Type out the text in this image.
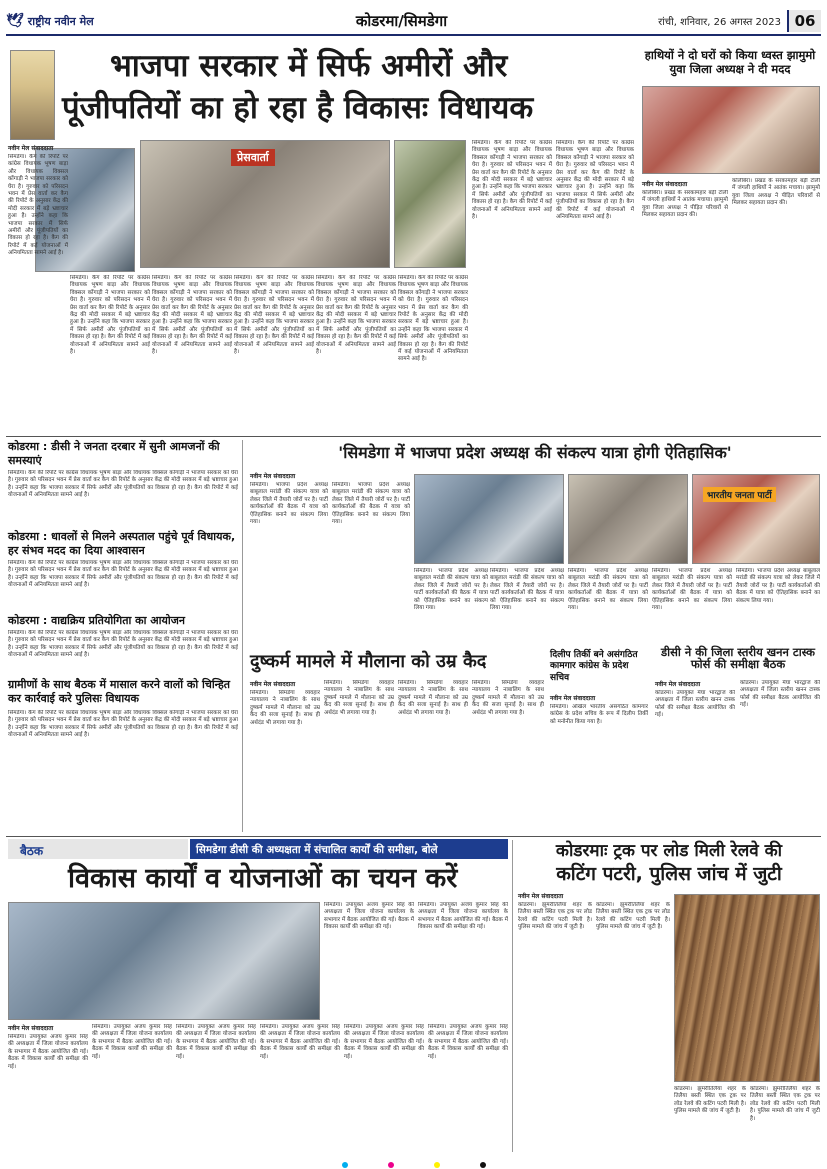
🕊 राष्ट्रीय नवीन मेल	कोडरमा/सिमडेगा	रांची, शनिवार, 26 अगस्त 2023 06
भाजपा सरकार में सिर्फ अमीरों और
पूंजीपतियों का हो रहा है विकासः विधायक
हाथियों ने दो घरों को किया ध्वस्त झामुमो युवा जिला अध्यक्ष ने दी मदद
प्रेसवार्ता
नवीन मेल संवाददाता
सिमडेगा। कैग की रिपोर्ट पर कांग्रेस विधायक भूषण बाड़ा और विधायक विक्सल कोंगाड़ी ने भाजपा सरकार को घेरा है। गुरुवार को परिसदन भवन में प्रेस वार्ता कर कैग की रिपोर्ट के अनुसार केंद्र की मोदी सरकार में बड़े भ्रष्टाचार हुआ है। उन्होंने कहा कि भाजपा सरकार में सिर्फ अमीरों और पूंजीपतियों का विकास हो रहा है। कैग की रिपोर्ट में कई योजनाओं में अनियमितता सामने आई है।
सिमडेगा। कैग की रिपोर्ट पर कांग्रेस विधायक भूषण बाड़ा और विधायक विक्सल कोंगाड़ी ने भाजपा सरकार को घेरा है। गुरुवार को परिसदन भवन में प्रेस वार्ता कर कैग की रिपोर्ट के अनुसार केंद्र की मोदी सरकार में बड़े भ्रष्टाचार हुआ है। उन्होंने कहा कि भाजपा सरकार में सिर्फ अमीरों और पूंजीपतियों का विकास हो रहा है। कैग की रिपोर्ट में कई योजनाओं में अनियमितता सामने आई है।
सिमडेगा। कैग की रिपोर्ट पर कांग्रेस विधायक भूषण बाड़ा और विधायक विक्सल कोंगाड़ी ने भाजपा सरकार को घेरा है। गुरुवार को परिसदन भवन में प्रेस वार्ता कर कैग की रिपोर्ट के अनुसार केंद्र की मोदी सरकार में बड़े भ्रष्टाचार हुआ है। उन्होंने कहा कि भाजपा सरकार में सिर्फ अमीरों और पूंजीपतियों का विकास हो रहा है। कैग की रिपोर्ट में कई योजनाओं में अनियमितता सामने आई है।
सिमडेगा। कैग की रिपोर्ट पर कांग्रेस विधायक भूषण बाड़ा और विधायक विक्सल कोंगाड़ी ने भाजपा सरकार को घेरा है। गुरुवार को परिसदन भवन में प्रेस वार्ता कर कैग की रिपोर्ट के अनुसार केंद्र की मोदी सरकार में बड़े भ्रष्टाचार हुआ है। उन्होंने कहा कि भाजपा सरकार में सिर्फ अमीरों और पूंजीपतियों का विकास हो रहा है। कैग की रिपोर्ट में कई योजनाओं में अनियमितता सामने आई है।
सिमडेगा। कैग की रिपोर्ट पर कांग्रेस विधायक भूषण बाड़ा और विधायक विक्सल कोंगाड़ी ने भाजपा सरकार को घेरा है। गुरुवार को परिसदन भवन में प्रेस वार्ता कर कैग की रिपोर्ट के अनुसार केंद्र की मोदी सरकार में बड़े भ्रष्टाचार हुआ है। उन्होंने कहा कि भाजपा सरकार में सिर्फ अमीरों और पूंजीपतियों का विकास हो रहा है। कैग की रिपोर्ट में कई योजनाओं में अनियमितता सामने आई है।
सिमडेगा। कैग की रिपोर्ट पर कांग्रेस विधायक भूषण बाड़ा और विधायक विक्सल कोंगाड़ी ने भाजपा सरकार को घेरा है। गुरुवार को परिसदन भवन में प्रेस वार्ता कर कैग की रिपोर्ट के अनुसार केंद्र की मोदी सरकार में बड़े भ्रष्टाचार हुआ है। उन्होंने कहा कि भाजपा सरकार में सिर्फ अमीरों और पूंजीपतियों का विकास हो रहा है। कैग की रिपोर्ट में कई योजनाओं में अनियमितता सामने आई है।
सिमडेगा। कैग की रिपोर्ट पर कांग्रेस विधायक भूषण बाड़ा और विधायक विक्सल कोंगाड़ी ने भाजपा सरकार को घेरा है। गुरुवार को परिसदन भवन में प्रेस वार्ता कर कैग की रिपोर्ट के अनुसार केंद्र की मोदी सरकार में बड़े भ्रष्टाचार हुआ है। उन्होंने कहा कि भाजपा सरकार में सिर्फ अमीरों और पूंजीपतियों का विकास हो रहा है। कैग की रिपोर्ट में कई योजनाओं में अनियमितता सामने आई है।
सिमडेगा। कैग की रिपोर्ट पर कांग्रेस विधायक भूषण बाड़ा और विधायक विक्सल कोंगाड़ी ने भाजपा सरकार को घेरा है। गुरुवार को परिसदन भवन में प्रेस वार्ता कर कैग की रिपोर्ट के अनुसार केंद्र की मोदी सरकार में बड़े भ्रष्टाचार हुआ है। उन्होंने कहा कि भाजपा सरकार में सिर्फ अमीरों और पूंजीपतियों का विकास हो रहा है। कैग की रिपोर्ट में कई योजनाओं में अनियमितता सामने आई है।
नवीन मेल संवाददाता
कोलेबिरा। प्रखंड के सरकामहार बड़ी टोली में जंगली हाथियों ने आतंक मचाया। झामुमो युवा जिला अध्यक्ष ने पीड़ित परिवारों से मिलकर सहायता प्रदान की।
कोलेबिरा। प्रखंड के सरकामहार बड़ी टोली में जंगली हाथियों ने आतंक मचाया। झामुमो युवा जिला अध्यक्ष ने पीड़ित परिवारों से मिलकर सहायता प्रदान की।
कोडरमा : डीसी ने जनता दरबार में सुनी आमजनों की समस्याएं
सिमडेगा। कैग की रिपोर्ट पर कांग्रेस विधायक भूषण बाड़ा और विधायक विक्सल कोंगाड़ी ने भाजपा सरकार को घेरा है। गुरुवार को परिसदन भवन में प्रेस वार्ता कर कैग की रिपोर्ट के अनुसार केंद्र की मोदी सरकार में बड़े भ्रष्टाचार हुआ है। उन्होंने कहा कि भाजपा सरकार में सिर्फ अमीरों और पूंजीपतियों का विकास हो रहा है। कैग की रिपोर्ट में कई योजनाओं में अनियमितता सामने आई है।
कोडरमा : धावलों से मिलने अस्पताल पहुंचे पूर्व विधायक, हर संभव मदद का दिया आश्वासन
सिमडेगा। कैग की रिपोर्ट पर कांग्रेस विधायक भूषण बाड़ा और विधायक विक्सल कोंगाड़ी ने भाजपा सरकार को घेरा है। गुरुवार को परिसदन भवन में प्रेस वार्ता कर कैग की रिपोर्ट के अनुसार केंद्र की मोदी सरकार में बड़े भ्रष्टाचार हुआ है। उन्होंने कहा कि भाजपा सरकार में सिर्फ अमीरों और पूंजीपतियों का विकास हो रहा है। कैग की रिपोर्ट में कई योजनाओं में अनियमितता सामने आई है।
कोडरमा : वाद्यक्रिय प्रतियोगिता का आयोजन
सिमडेगा। कैग की रिपोर्ट पर कांग्रेस विधायक भूषण बाड़ा और विधायक विक्सल कोंगाड़ी ने भाजपा सरकार को घेरा है। गुरुवार को परिसदन भवन में प्रेस वार्ता कर कैग की रिपोर्ट के अनुसार केंद्र की मोदी सरकार में बड़े भ्रष्टाचार हुआ है। उन्होंने कहा कि भाजपा सरकार में सिर्फ अमीरों और पूंजीपतियों का विकास हो रहा है। कैग की रिपोर्ट में कई योजनाओं में अनियमितता सामने आई है।
ग्रामीणों के साथ बैठक में मासाल करने वालों को चिन्हित कर कार्रवाई करे पुलिसः विधायक
सिमडेगा। कैग की रिपोर्ट पर कांग्रेस विधायक भूषण बाड़ा और विधायक विक्सल कोंगाड़ी ने भाजपा सरकार को घेरा है। गुरुवार को परिसदन भवन में प्रेस वार्ता कर कैग की रिपोर्ट के अनुसार केंद्र की मोदी सरकार में बड़े भ्रष्टाचार हुआ है। उन्होंने कहा कि भाजपा सरकार में सिर्फ अमीरों और पूंजीपतियों का विकास हो रहा है। कैग की रिपोर्ट में कई योजनाओं में अनियमितता सामने आई है।
'सिमडेगा में भाजपा प्रदेश अध्यक्ष की संकल्प यात्रा होगी ऐतिहासिक'
नवीन मेल संवाददाता
सिमडेगा। भाजपा प्रदेश अध्यक्ष बाबूलाल मरांडी की संकल्प यात्रा को लेकर जिले में तैयारी जोरों पर है। पार्टी कार्यकर्ताओं की बैठक में यात्रा को ऐतिहासिक बनाने का संकल्प लिया गया।
सिमडेगा। भाजपा प्रदेश अध्यक्ष बाबूलाल मरांडी की संकल्प यात्रा को लेकर जिले में तैयारी जोरों पर है। पार्टी कार्यकर्ताओं की बैठक में यात्रा को ऐतिहासिक बनाने का संकल्प लिया गया।
सिमडेगा। भाजपा प्रदेश अध्यक्ष बाबूलाल मरांडी की संकल्प यात्रा को लेकर जिले में तैयारी जोरों पर है। पार्टी कार्यकर्ताओं की बैठक में यात्रा को ऐतिहासिक बनाने का संकल्प लिया गया।
सिमडेगा। भाजपा प्रदेश अध्यक्ष बाबूलाल मरांडी की संकल्प यात्रा को लेकर जिले में तैयारी जोरों पर है। पार्टी कार्यकर्ताओं की बैठक में यात्रा को ऐतिहासिक बनाने का संकल्प लिया गया।
भारतीय जनता पार्टी
सिमडेगा। भाजपा प्रदेश अध्यक्ष बाबूलाल मरांडी की संकल्प यात्रा को लेकर जिले में तैयारी जोरों पर है। पार्टी कार्यकर्ताओं की बैठक में यात्रा को ऐतिहासिक बनाने का संकल्प लिया गया।
सिमडेगा। भाजपा प्रदेश अध्यक्ष बाबूलाल मरांडी की संकल्प यात्रा को लेकर जिले में तैयारी जोरों पर है। पार्टी कार्यकर्ताओं की बैठक में यात्रा को ऐतिहासिक बनाने का संकल्प लिया गया।
सिमडेगा। भाजपा प्रदेश अध्यक्ष बाबूलाल मरांडी की संकल्प यात्रा को लेकर जिले में तैयारी जोरों पर है। पार्टी कार्यकर्ताओं की बैठक में यात्रा को ऐतिहासिक बनाने का संकल्प लिया गया।
दुष्कर्म मामले में मौलाना को उम्र कैद
नवीन मेल संवाददाता
सिमडेगा। सिमडेगा व्यवहार न्यायालय ने नाबालिग के साथ दुष्कर्म मामले में मौलाना को उम्र कैद की सजा सुनाई है। साथ ही अर्थदंड भी लगाया गया है।
सिमडेगा। सिमडेगा व्यवहार न्यायालय ने नाबालिग के साथ दुष्कर्म मामले में मौलाना को उम्र कैद की सजा सुनाई है। साथ ही अर्थदंड भी लगाया गया है।
सिमडेगा। सिमडेगा व्यवहार न्यायालय ने नाबालिग के साथ दुष्कर्म मामले में मौलाना को उम्र कैद की सजा सुनाई है। साथ ही अर्थदंड भी लगाया गया है।
सिमडेगा। सिमडेगा व्यवहार न्यायालय ने नाबालिग के साथ दुष्कर्म मामले में मौलाना को उम्र कैद की सजा सुनाई है। साथ ही अर्थदंड भी लगाया गया है।
दिलीप तिर्की बने असंगठित कामगार कांग्रेस के प्रदेश सचिव
नवीन मेल संवाददाता
सिमडेगा। अखिल भारतीय असंगठित कामगार कांग्रेस के प्रदेश सचिव के रूप में दिलीप तिर्की को मनोनीत किया गया है।
डीसी ने की जिला स्तरीय खनन टास्क फोर्स की समीक्षा बैठक
नवीन मेल संवाददाता
कोडरमा। उपायुक्त मेघा भारद्वाज की अध्यक्षता में जिला स्तरीय खनन टास्क फोर्स की समीक्षा बैठक आयोजित की गई।
कोडरमा। उपायुक्त मेघा भारद्वाज की अध्यक्षता में जिला स्तरीय खनन टास्क फोर्स की समीक्षा बैठक आयोजित की गई।
बैठक	सिमडेगा डीसी की अध्यक्षता में संचालित कार्यों की समीक्षा, बोले
विकास कार्यों व योजनाओं का चयन करें
सिमडेगा। उपायुक्त अजय कुमार सिंह की अध्यक्षता में जिला योजना कार्यालय के सभागार में बैठक आयोजित की गई। बैठक में विकास कार्यों की समीक्षा की गई।
सिमडेगा। उपायुक्त अजय कुमार सिंह की अध्यक्षता में जिला योजना कार्यालय के सभागार में बैठक आयोजित की गई। बैठक में विकास कार्यों की समीक्षा की गई।
नवीन मेल संवाददाता
सिमडेगा। उपायुक्त अजय कुमार सिंह की अध्यक्षता में जिला योजना कार्यालय के सभागार में बैठक आयोजित की गई। बैठक में विकास कार्यों की समीक्षा की गई।
सिमडेगा। उपायुक्त अजय कुमार सिंह की अध्यक्षता में जिला योजना कार्यालय के सभागार में बैठक आयोजित की गई। बैठक में विकास कार्यों की समीक्षा की गई।
सिमडेगा। उपायुक्त अजय कुमार सिंह की अध्यक्षता में जिला योजना कार्यालय के सभागार में बैठक आयोजित की गई। बैठक में विकास कार्यों की समीक्षा की गई।
सिमडेगा। उपायुक्त अजय कुमार सिंह की अध्यक्षता में जिला योजना कार्यालय के सभागार में बैठक आयोजित की गई। बैठक में विकास कार्यों की समीक्षा की गई।
सिमडेगा। उपायुक्त अजय कुमार सिंह की अध्यक्षता में जिला योजना कार्यालय के सभागार में बैठक आयोजित की गई। बैठक में विकास कार्यों की समीक्षा की गई।
सिमडेगा। उपायुक्त अजय कुमार सिंह की अध्यक्षता में जिला योजना कार्यालय के सभागार में बैठक आयोजित की गई। बैठक में विकास कार्यों की समीक्षा की गई।
कोडरमाः ट्रक पर लोड मिली रेलवे की
कटिंग पटरी, पुलिस जांच में जुटी
नवीन मेल संवाददाता
कोडरमा। झुमरीतिलैया शहर के तिलैया बस्ती स्थित एक ट्रक पर लोड रेलवे की कटिंग पटरी मिली है। पुलिस मामले की जांच में जुटी है।
कोडरमा। झुमरीतिलैया शहर के तिलैया बस्ती स्थित एक ट्रक पर लोड रेलवे की कटिंग पटरी मिली है। पुलिस मामले की जांच में जुटी है।
कोडरमा। झुमरीतिलैया शहर के तिलैया बस्ती स्थित एक ट्रक पर लोड रेलवे की कटिंग पटरी मिली है। पुलिस मामले की जांच में जुटी है।
कोडरमा। झुमरीतिलैया शहर के तिलैया बस्ती स्थित एक ट्रक पर लोड रेलवे की कटिंग पटरी मिली है। पुलिस मामले की जांच में जुटी है।
